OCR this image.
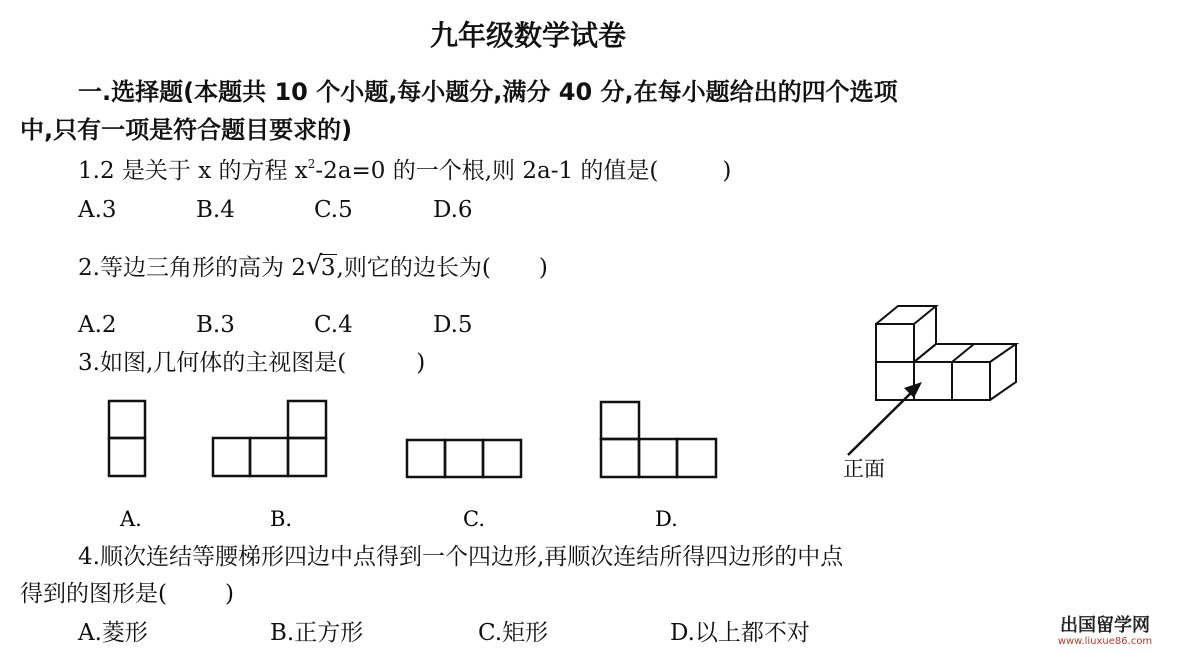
九年级数学试卷
一.选择题(本题共 10 个小题,每小题分,满分 40 分,在每小题给出的四个选项
中,只有一项是符合题目要求的)
1.2 是关于 x 的方程 $x^2-2a=0$ 的一个根,则 2a-1 的值是(	)
A.3	B.4	C.5	D.6
2.等边三角形的高为 2 √
3,则它的边长为( )
A.2	B.3	C.4	D.5
3.如图,几何体的主视图是(	)
A.	B.	C.	D.
正面
4.顺次连结等腰梯形四边中点得到一个四边形,再顺次连结所得四边形的中点
得到的图形是(	)
A.菱形	B.正方形	C.矩形	D.以上都不对	出国留学网
www.liuxue86.com
